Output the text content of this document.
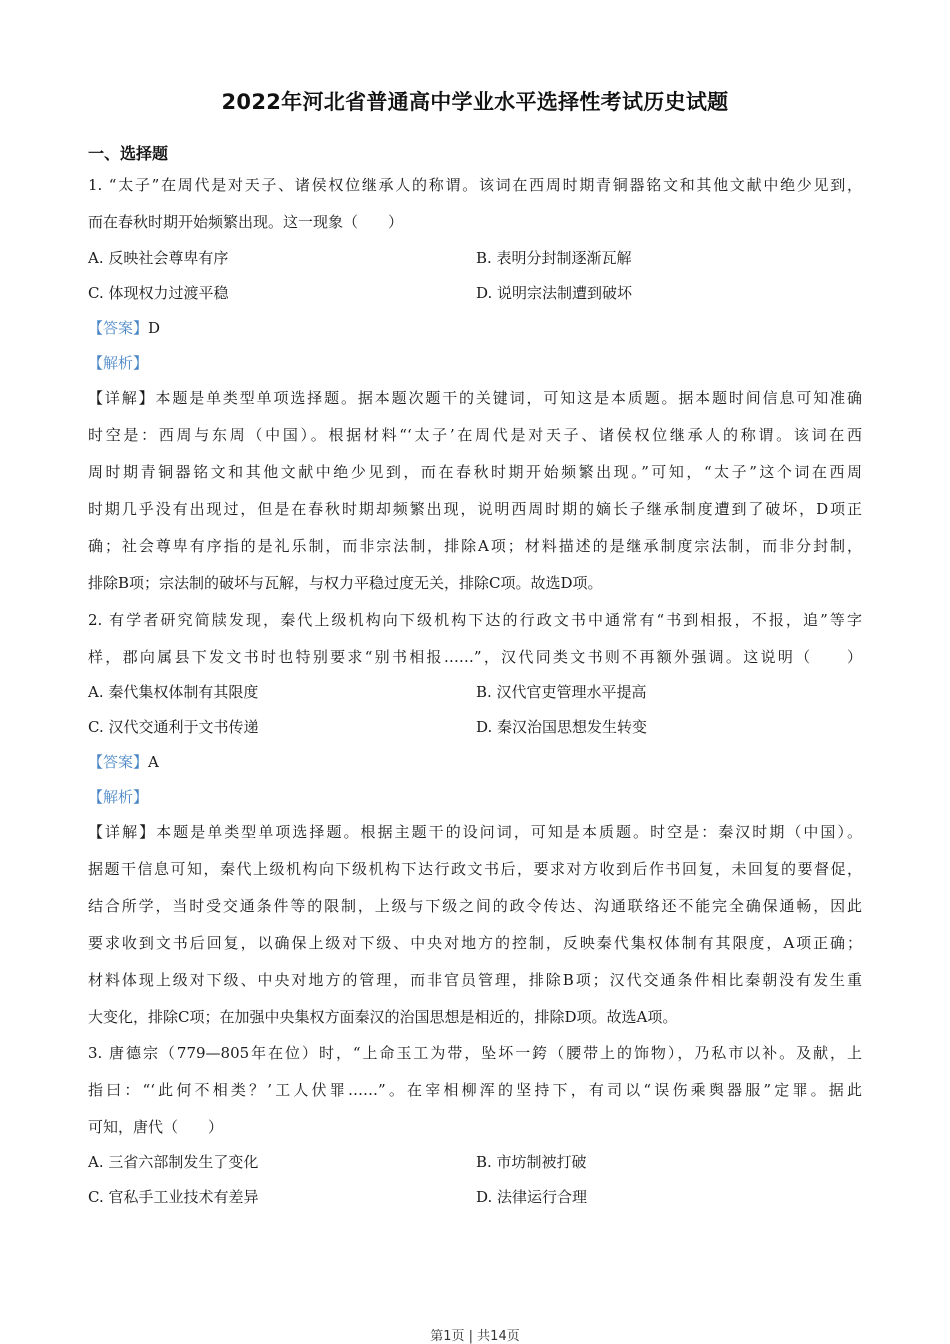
2022年河北省普通高中学业水平选择性考试历史试题
一、选择题
1. “太子”在周代是对天子、诸侯权位继承人的称谓。该词在西周时期青铜器铭文和其他文献中绝少见到，
而在春秋时期开始频繁出现。这一现象（　　）
A. 反映社会尊卑有序	B. 表明分封制逐渐瓦解
C. 体现权力过渡平稳	D. 说明宗法制遭到破坏
【答案】D
【解析】
【详解】本题是单类型单项选择题。据本题次题干的关键词，可知这是本质题。据本题时间信息可知准确
时空是：西周与东周（中国）。根据材料“‘太子’在周代是对天子、诸侯权位继承人的称谓。该词在西
周时期青铜器铭文和其他文献中绝少见到，而在春秋时期开始频繁出现。”可知，“太子”这个词在西周
时期几乎没有出现过，但是在春秋时期却频繁出现，说明西周时期的嫡长子继承制度遭到了破坏，D项正
确；社会尊卑有序指的是礼乐制，而非宗法制，排除A项；材料描述的是继承制度宗法制，而非分封制，
排除B项；宗法制的破坏与瓦解，与权力平稳过度无关，排除C项。故选D项。
2. 有学者研究简牍发现，秦代上级机构向下级机构下达的行政文书中通常有“书到相报，不报，追”等字
样，郡向属县下发文书时也特别要求“别书相报……”，汉代同类文书则不再额外强调。这说明（　　）
A. 秦代集权体制有其限度	B. 汉代官吏管理水平提高
C. 汉代交通利于文书传递	D. 秦汉治国思想发生转变
【答案】A
【解析】
【详解】本题是单类型单项选择题。根据主题干的设问词，可知是本质题。时空是：秦汉时期（中国）。
据题干信息可知，秦代上级机构向下级机构下达行政文书后，要求对方收到后作书回复，未回复的要督促，
结合所学，当时受交通条件等的限制，上级与下级之间的政令传达、沟通联络还不能完全确保通畅，因此
要求收到文书后回复，以确保上级对下级、中央对地方的控制，反映秦代集权体制有其限度，A项正确；
材料体现上级对下级、中央对地方的管理，而非官员管理，排除B项；汉代交通条件相比秦朝没有发生重
大变化，排除C项；在加强中央集权方面秦汉的治国思想是相近的，排除D项。故选A项。
3. 唐德宗（779—805年在位）时，“上命玉工为带，坠坏一銙（腰带上的饰物），乃私市以补。及献，上
指曰：“‘此何不相类？’工人伏罪……”。在宰相柳浑的坚持下，有司以“误伤乘舆器服”定罪。据此
可知，唐代（　　）
A. 三省六部制发生了变化	B. 市坊制被打破
C. 官私手工业技术有差异	D. 法律运行合理
第1页 | 共14页
